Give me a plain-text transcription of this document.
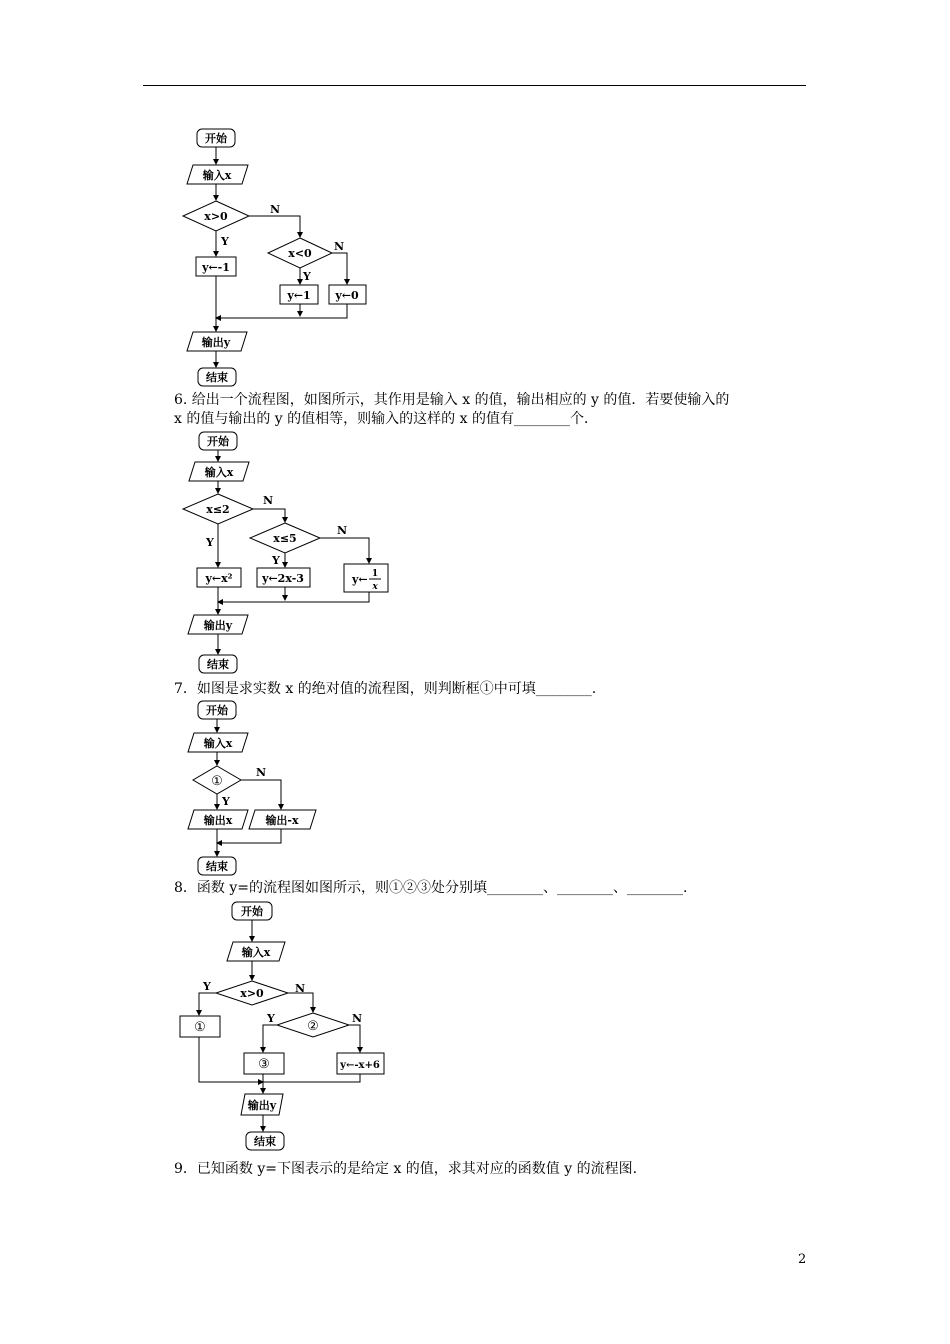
开始
输入x
x>0
Y
y←-1
N
x<0
Y
y←1
N
y←0
输出y
结束
开始
输入x
x≤2
Y
y←x²
N
x≤5
Y
y←2x-3
N
y← 1
x
输出y
结束
开始
输入x
①
Y
N
输出x	输出-x
结束
开始
输入x
x>0
Y
①
N
②
Y
③
N
y←-x+6
输出y
结束
6. 给出一个流程图，如图所示，其作用是输入 x 的值，输出相应的 y 的值．若要使输入的
x 的值与输出的 y 的值相等，则输入的这样的 x 的值有________个．
7．如图是求实数 x 的绝对值的流程图，则判断框①中可填________.
8．函数 y=的流程图如图所示，则①②③处分别填________、________、________.
9．已知函数 y=下图表示的是给定 x 的值，求其对应的函数值 y 的流程图.
2
